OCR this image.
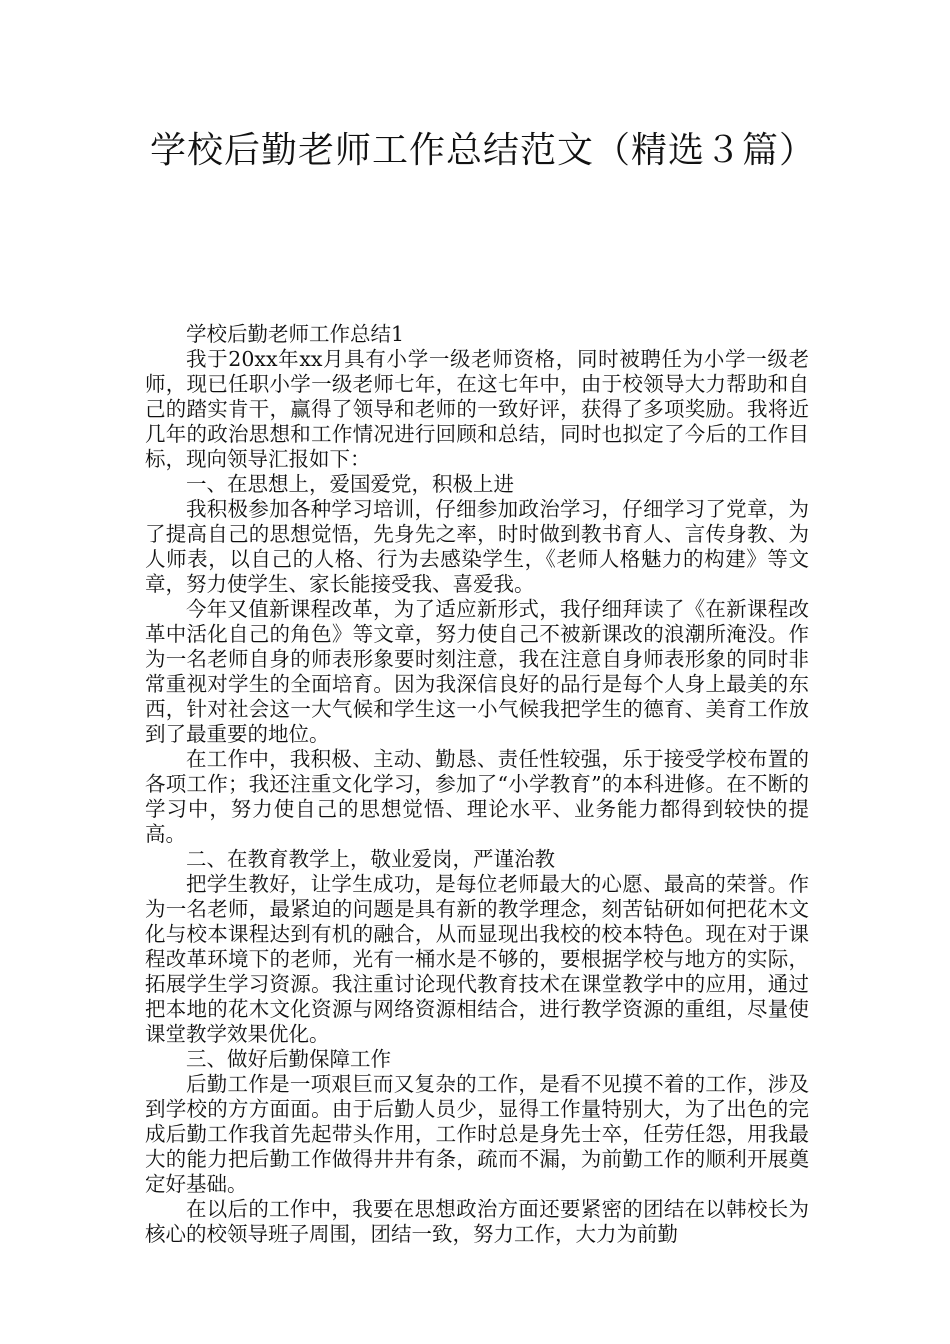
学校后勤老师工作总结范文（精选３篇）

学校后勤老师工作总结1

我于20xx年xx月具有小学一级老师资格，同时被聘任为小学一级老师，现已任职小学一级老师七年，在这七年中，由于校领导大力帮助和自己的踏实肯干，赢得了领导和老师的一致好评，获得了多项奖励。我将近几年的政治思想和工作情况进行回顾和总结，同时也拟定了今后的工作目标，现向领导汇报如下：

一、在思想上，爱国爱党，积极上进

我积极参加各种学习培训，仔细参加政治学习，仔细学习了党章，为了提高自己的思想觉悟，先身先之率，时时做到教书育人、言传身教、为人师表，以自己的人格、行为去感染学生，《老师人格魅力的构建》等文章，努力使学生、家长能接受我、喜爱我。

今年又值新课程改革，为了适应新形式，我仔细拜读了《在新课程改革中活化自己的角色》等文章，努力使自己不被新课改的浪潮所淹没。作为一名老师自身的师表形象要时刻注意，我在注意自身师表形象的同时非常重视对学生的全面培育。因为我深信良好的品行是每个人身上最美的东西，针对社会这一大气候和学生这一小气候我把学生的德育、美育工作放到了最重要的地位。

在工作中，我积极、主动、勤恳、责任性较强，乐于接受学校布置的各项工作；我还注重文化学习，参加了“小学教育”的本科进修。在不断的学习中，努力使自己的思想觉悟、理论水平、业务能力都得到较快的提高。

二、在教育教学上，敬业爱岗，严谨治教

把学生教好，让学生成功，是每位老师最大的心愿、最高的荣誉。作为一名老师，最紧迫的问题是具有新的教学理念，刻苦钻研如何把花木文化与校本课程达到有机的融合，从而显现出我校的校本特色。现在对于课程改革环境下的老师，光有一桶水是不够的，要根据学校与地方的实际，拓展学生学习资源。我注重讨论现代教育技术在课堂教学中的应用，通过把本地的花木文化资源与网络资源相结合，进行教学资源的重组，尽量使课堂教学效果优化。

三、做好后勤保障工作

后勤工作是一项艰巨而又复杂的工作，是看不见摸不着的工作，涉及到学校的方方面面。由于后勤人员少，显得工作量特别大，为了出色的完成后勤工作我首先起带头作用，工作时总是身先士卒，任劳任怨，用我最大的能力把后勤工作做得井井有条，疏而不漏，为前勤工作的顺利开展奠定好基础。

在以后的工作中，我要在思想政治方面还要紧密的团结在以韩校长为核心的校领导班子周围，团结一致，努力工作，大力为前勤
